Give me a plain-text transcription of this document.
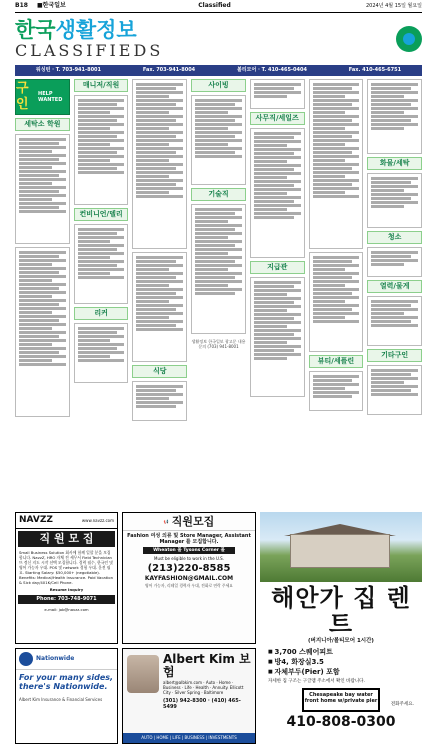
B18	■한국일보	Classified	2024년 4월 15일 월요일
한국생활정보
CLASSIFIEDS
워싱턴 · T. 703-941-8001	Fax. 703-941-8004	볼티모어 · T. 410-465-0404	Fax. 410-465-6751
구인
HELP WANTED
세탁소 학원
매니저/직원
컨비니언/델리
리커
식당
사이빙
기술직
생활정보 한국일보 광고문 내용문의 (703) 941-8001
사무직/세일즈
지급관
뷰티/세플린
화물/세탁
청소
열력/물게
기타구인
NAVZZ	www.navzz.com
직 원 모 집
Small Business Solution 회사에 함께 일할 분을 모집합니다. NavzZ, HRO 자체 전 세무서 Field Technician 뜨 정신 지도 시작 선택 모집합니다. 경력 필수, 한국인 및 영어 가능자 우대. POS 및 network 경험 우대. 운전 필요. Starting Salary: $50,000+ (negotiable). Benefits: Medical/Health Insurance. Paid Vacation & Sick day/401K/Cell Phone.
Resume Inquiry
Phone: 703-748-9071
e-mail: job@navzz.com
📢 직원모집
Fashion 여성 의류 및 Store Manager, Assistant Manager 를 모집합니다.
Wheaton 몰 Tysons Corner 몰
Must be eligible to work in the U.S.
(213)220-8585
KAYFASHION@GMAIL.COM
영어 가능자, 리테일 경력자 우대, 전화로 연락 주세요	해안가 집 렌트
(버지니아/볼티모어 1시간)
■ 3,700 스퀘어피트
■ 방4, 화장실3.5
■ 자체부두(Pier) 포함
자세한 집 구조는 구글맵 주소에서 확인 바랍니다.
Chesapeake bay water front home w/private pier
전화주세요.
410-808-0300
Nationwide
For your many sides, there's Nationwide.
Albert Kim Insurance & Financial Services
Albert Kim 보험
albert@albkim.com · Auto · Home · Business · Life · Health · Annuity. Ellicott City · Silver Spring · Baltimore
(301) 942-8300 · (410) 465-5499
AUTO | HOME | LIFE | BUSINESS | INVESTMENTS
